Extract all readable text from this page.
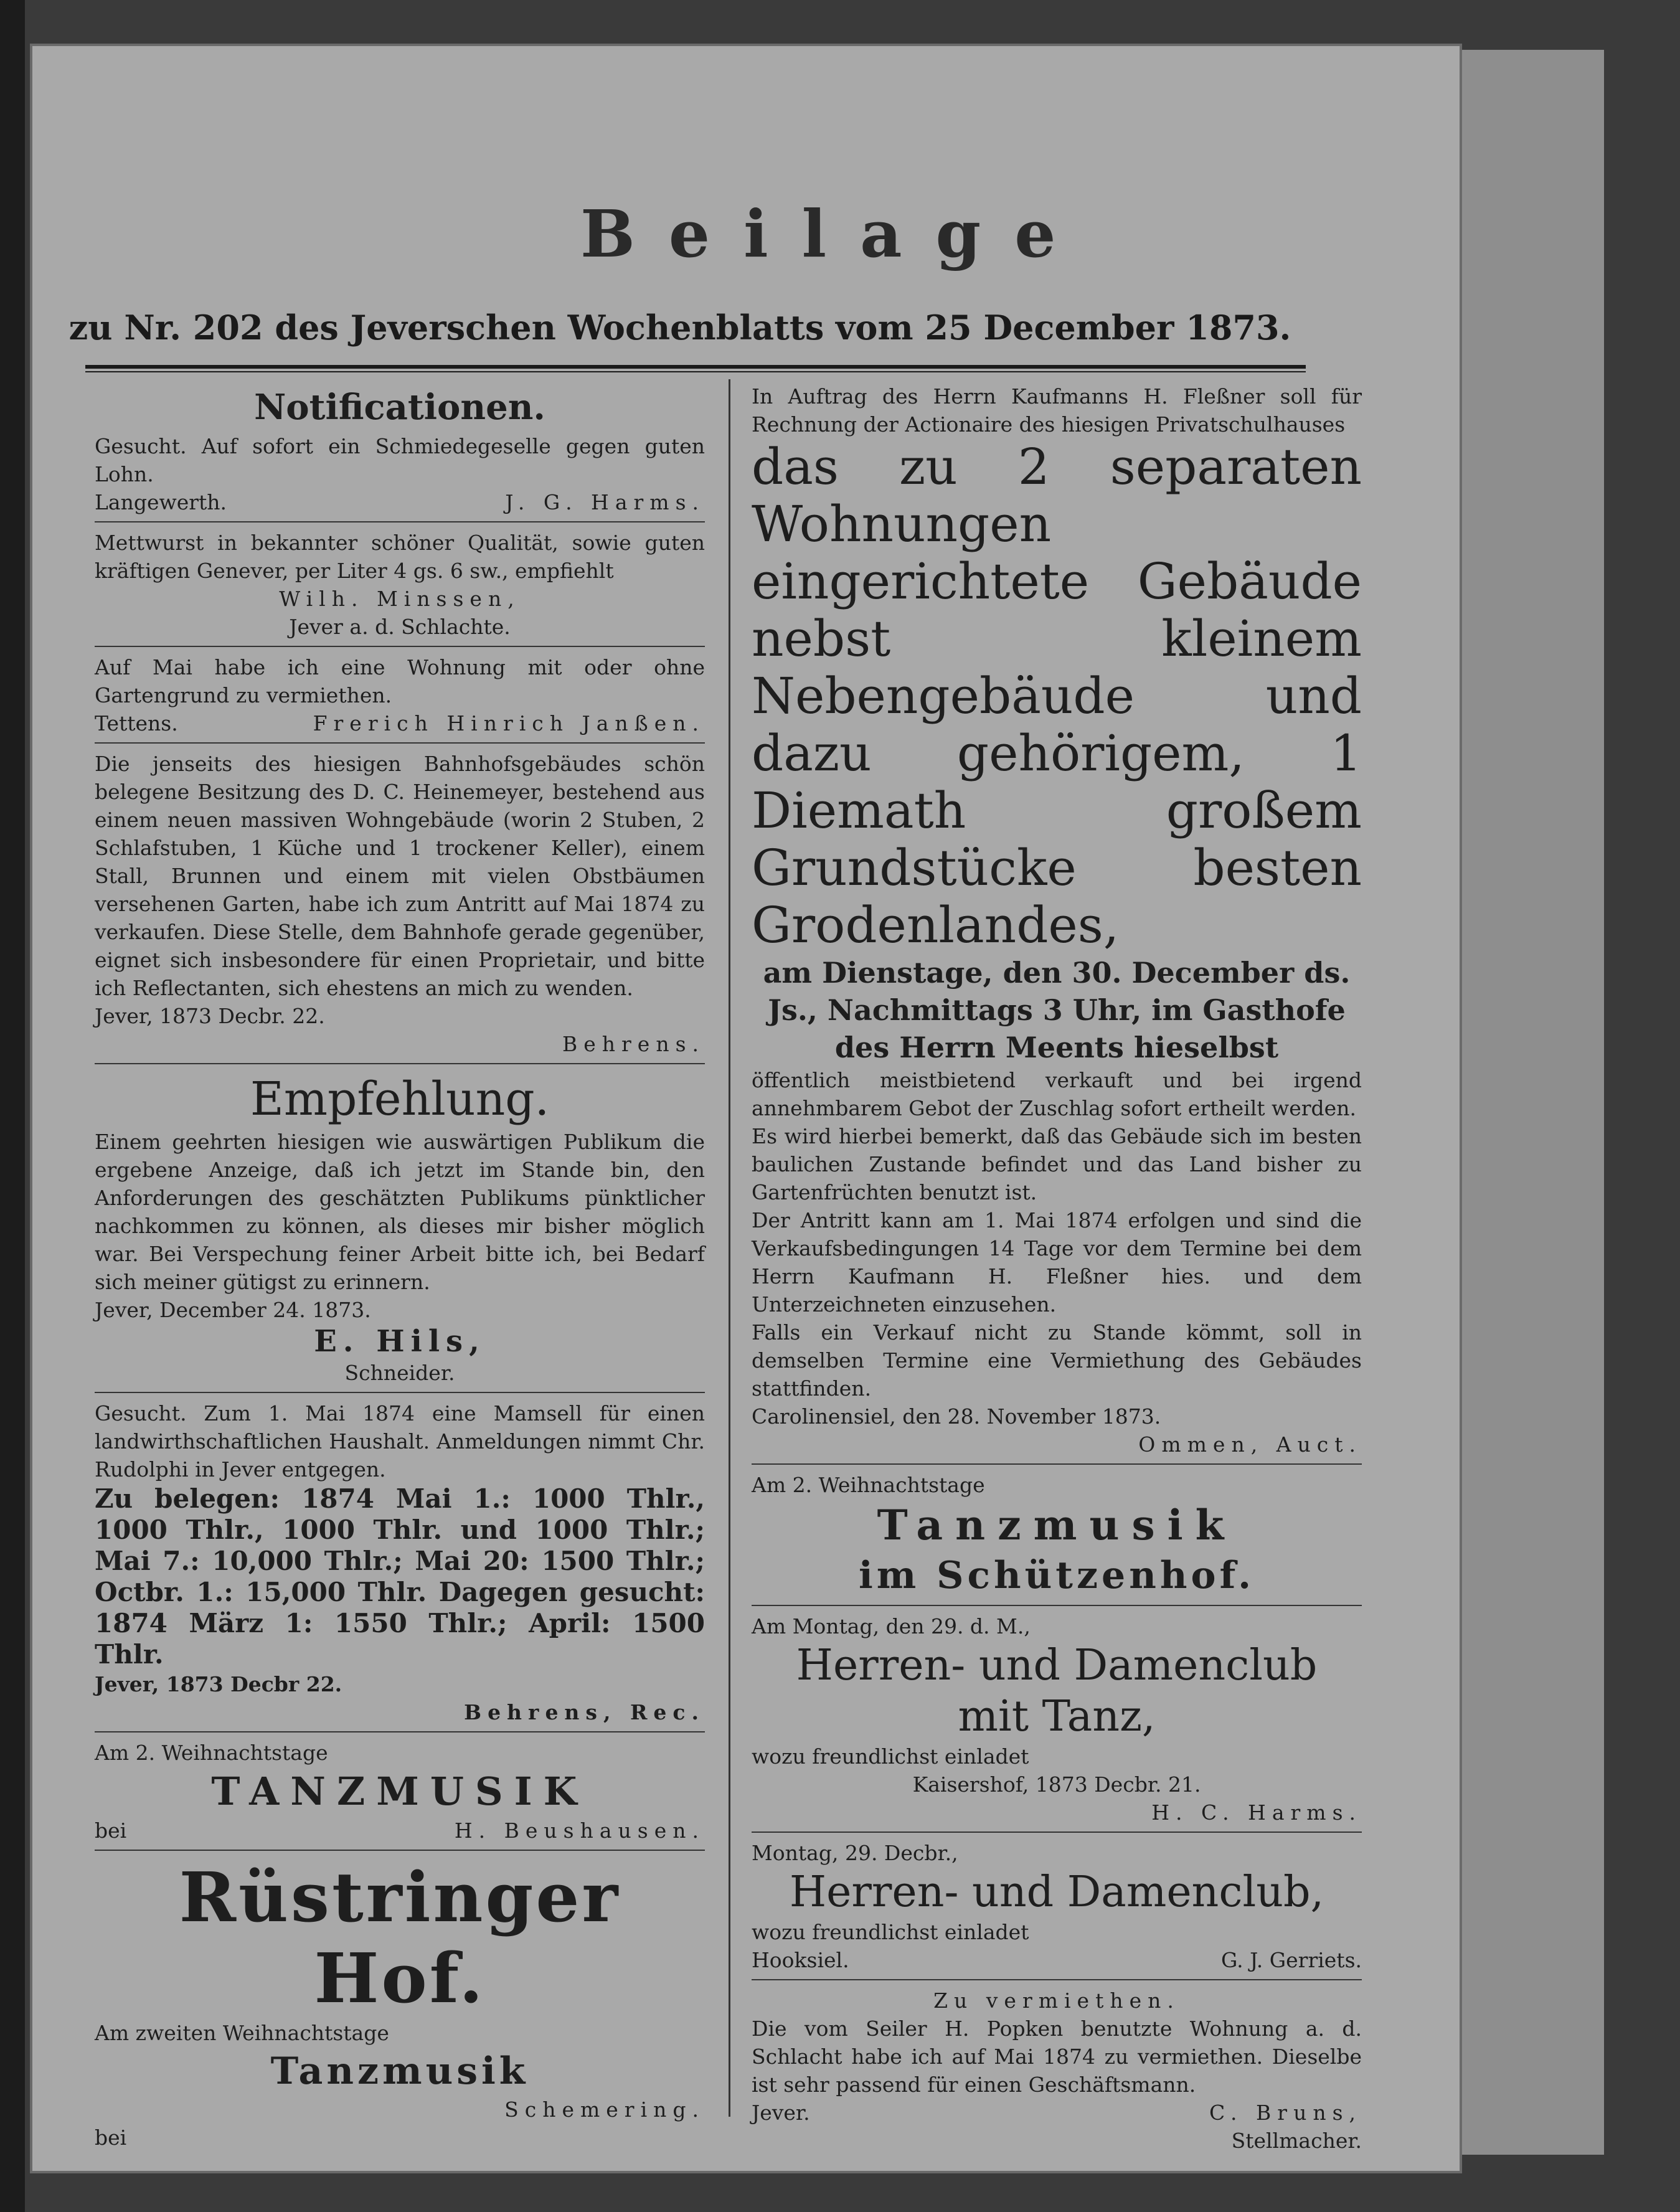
Beilage
zu Nr. 202 des Jeverschen Wochenblatts vom 25 December 1873.
Notificationen.

Gesucht. Auf sofort ein Schmiedegeselle gegen guten Lohn.

Langewerth.	J. G. Harms.

Mettwurst in bekannter schöner Qualität, sowie guten kräftigen Genever, per Liter 4 gs. 6 sw., empfiehlt

Wilh. Minssen,

Jever a. d. Schlachte.

Auf Mai habe ich eine Wohnung mit oder ohne Gartengrund zu vermiethen.

Tettens.	Frerich Hinrich Janßen.

Die jenseits des hiesigen Bahnhofsgebäudes schön belegene Besitzung des D. C. Heinemeyer, bestehend aus einem neuen massiven Wohngebäude (worin 2 Stuben, 2 Schlafstuben, 1 Küche und 1 trockener Keller), einem Stall, Brunnen und einem mit vielen Obstbäumen versehenen Garten, habe ich zum Antritt auf Mai 1874 zu verkaufen. Diese Stelle, dem Bahnhofe gerade gegenüber, eignet sich insbesondere für einen Proprietair, und bitte ich Reflectanten, sich ehestens an mich zu wenden.

Jever, 1873 Decbr. 22.

Behrens.

Empfehlung.

Einem geehrten hiesigen wie auswärtigen Publikum die ergebene Anzeige, daß ich jetzt im Stande bin, den Anforderungen des geschätzten Publikums pünktlicher nachkommen zu können, als dieses mir bisher möglich war. Bei Verspechung feiner Arbeit bitte ich, bei Bedarf sich meiner gütigst zu erinnern.

Jever, December 24. 1873.

E. Hils,

Schneider.

Gesucht. Zum 1. Mai 1874 eine Mamsell für einen landwirthschaftlichen Haushalt. Anmeldungen nimmt Chr. Rudolphi in Jever entgegen.

Zu belegen: 1874 Mai 1.: 1000 Thlr., 1000 Thlr., 1000 Thlr. und 1000 Thlr.; Mai 7.: 10,000 Thlr.; Mai 20: 1500 Thlr.; Octbr. 1.: 15,000 Thlr. Dagegen gesucht: 1874 März 1: 1550 Thlr.; April: 1500 Thlr.

Jever, 1873 Decbr 22.

Behrens, Rec.

Am 2. Weihnachtstage

TANZMUSIK

bei	H. Beushausen.

Rüstringer Hof.

Am zweiten Weihnachtstage

Tanzmusik

Schemering.

bei

In Auftrag des Herrn Kaufmanns H. Fleßner soll für Rechnung der Actionaire des hiesigen Privatschulhauses

das zu 2 separaten Wohnungen eingerichtete Gebäude nebst kleinem Nebengebäude und dazu gehörigem, 1 Diemath großem Grundstücke besten Grodenlandes,

am Dienstage, den 30. December ds. Js., Nachmittags 3 Uhr, im Gasthofe des Herrn Meents hieselbst

öffentlich meistbietend verkauft und bei irgend annehmbarem Gebot der Zuschlag sofort ertheilt werden.

Es wird hierbei bemerkt, daß das Gebäude sich im besten baulichen Zustande befindet und das Land bisher zu Gartenfrüchten benutzt ist.

Der Antritt kann am 1. Mai 1874 erfolgen und sind die Verkaufsbedingungen 14 Tage vor dem Termine bei dem Herrn Kaufmann H. Fleßner hies. und dem Unterzeichneten einzusehen.

Falls ein Verkauf nicht zu Stande kömmt, soll in demselben Termine eine Vermiethung des Gebäudes stattfinden.

Carolinensiel, den 28. November 1873.

Ommen, Auct.

Am 2. Weihnachtstage

Tanzmusik
im Schützenhof.

Am Montag, den 29. d. M.,

Herren- und Damenclub
mit Tanz,

wozu freundlichst einladet

Kaisershof, 1873 Decbr. 21.

H. C. Harms.

Montag, 29. Decbr.,

Herren- und Damenclub,

wozu freundlichst einladet

Hooksiel.	G. J. Gerriets.

Zu vermiethen.

Die vom Seiler H. Popken benutzte Wohnung a. d. Schlacht habe ich auf Mai 1874 zu vermiethen. Dieselbe ist sehr passend für einen Geschäftsmann.

Jever.	C. Bruns,

Stellmacher.
